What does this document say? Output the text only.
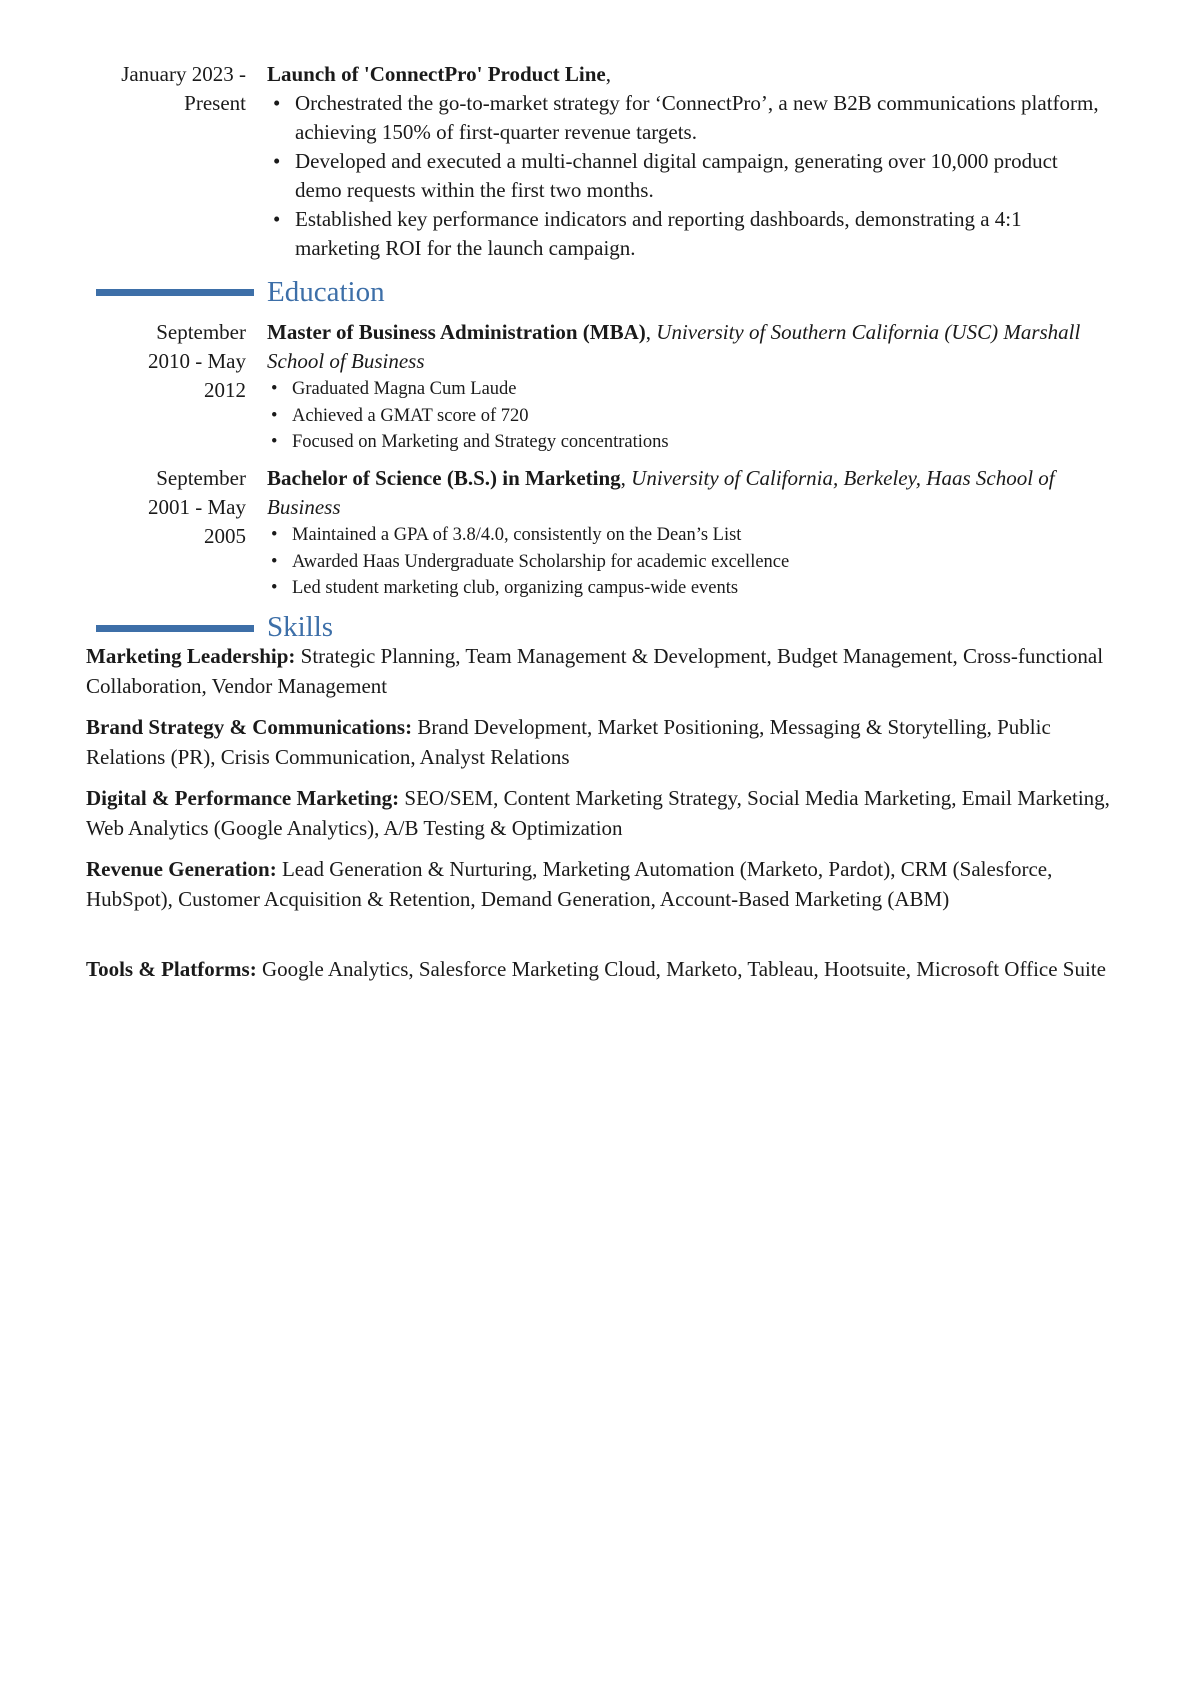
January 2023 -
Present
Launch of 'ConnectPro' Product Line,
• Orchestrated the go-to-market strategy for ‘ConnectPro’, a new B2B communications platform, achieving 150% of first-quarter revenue targets.
• Developed and executed a multi-channel digital campaign, generating over 10,000 product demo requests within the first two months.
• Established key performance indicators and reporting dashboards, demonstrating a 4:1 marketing ROI for the launch campaign.
Education
September
2010 - May
2012
Master of Business Administration (MBA), University of Southern California (USC) Marshall School of Business
• Graduated Magna Cum Laude
• Achieved a GMAT score of 720
• Focused on Marketing and Strategy concentrations
September
2001 - May
2005
Bachelor of Science (B.S.) in Marketing, University of California, Berkeley, Haas School of Business
• Maintained a GPA of 3.8/4.0, consistently on the Dean’s List
• Awarded Haas Undergraduate Scholarship for academic excellence
• Led student marketing club, organizing campus-wide events
Skills
Marketing Leadership: Strategic Planning, Team Management & Development, Budget Management, Cross-functional Collaboration, Vendor Management
Brand Strategy & Communications: Brand Development, Market Positioning, Messaging & Storytelling, Public Relations (PR), Crisis Communication, Analyst Relations
Digital & Performance Marketing: SEO/SEM, Content Marketing Strategy, Social Media Marketing, Email Marketing, Web Analytics (Google Analytics), A/B Testing & Optimization
Revenue Generation: Lead Generation & Nurturing, Marketing Automation (Marketo, Pardot), CRM (Salesforce, HubSpot), Customer Acquisition & Retention, Demand Generation, Account-Based Marketing (ABM)
Tools & Platforms: Google Analytics, Salesforce Marketing Cloud, Marketo, Tableau, Hootsuite, Microsoft Office Suite
